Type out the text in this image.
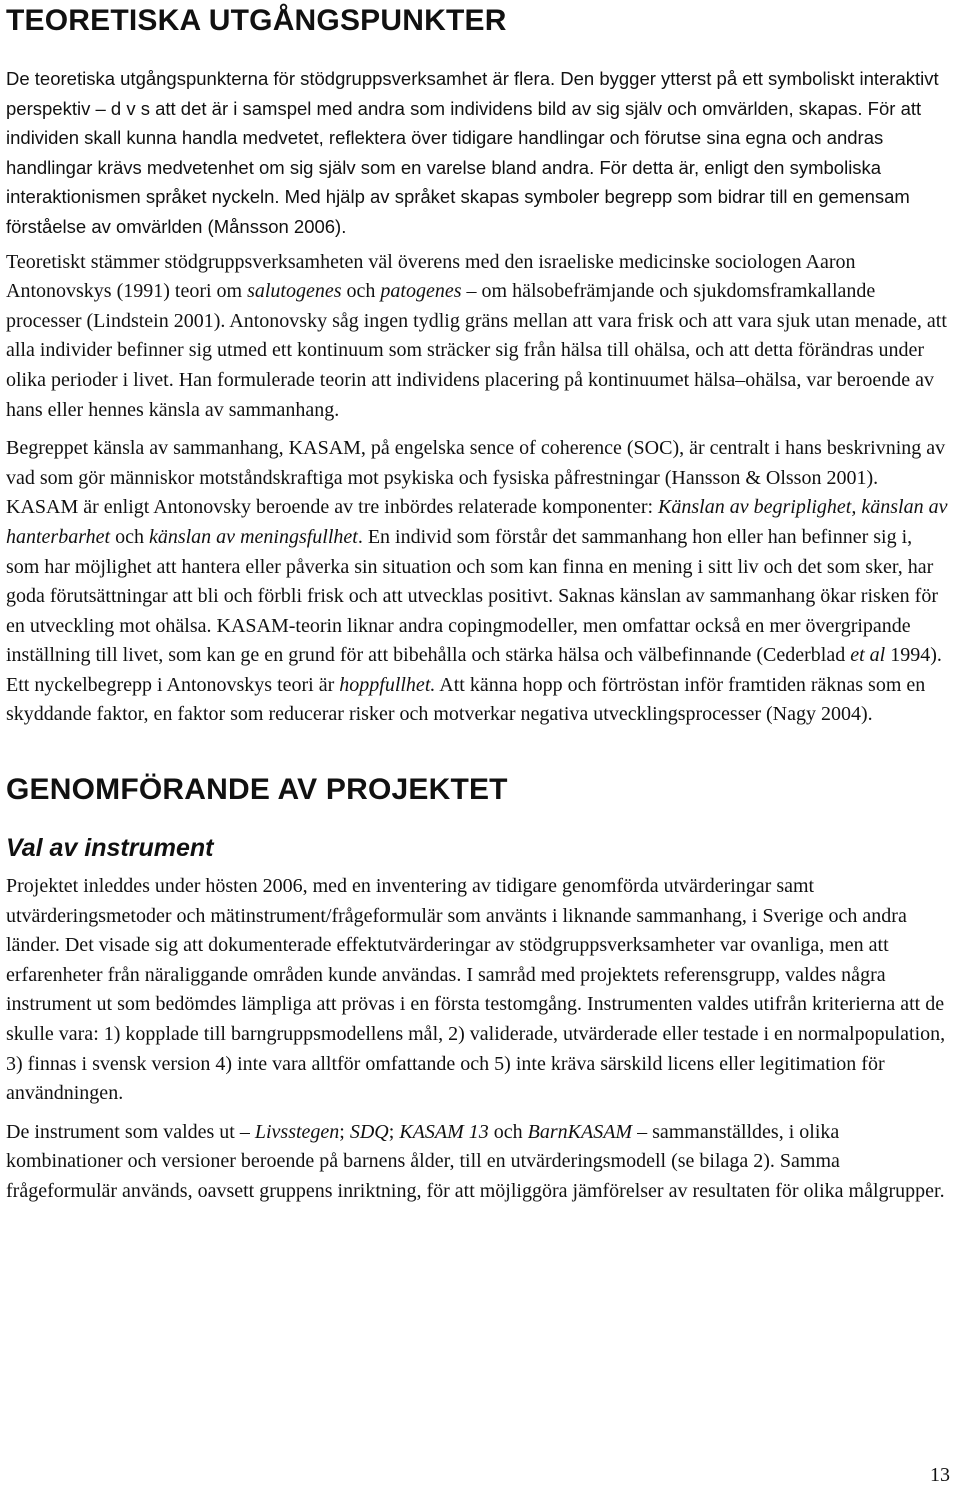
TEORETISKA UTGÅNGSPUNKTER

De teoretiska utgångspunkterna för stödgruppsverksamhet är flera. Den bygger ytterst på ett symboliskt interaktivt perspektiv – d v s att det är i samspel med andra som individens bild av sig själv och omvärlden, skapas. För att individen skall kunna handla medvetet, reflektera över tidigare handlingar och förutse sina egna och andras handlingar krävs medvetenhet om sig själv som en varelse bland andra. För detta är, enligt den symboliska interaktionismen språket nyckeln. Med hjälp av språket skapas symboler begrepp som bidrar till en gemensam förståelse av omvärlden (Månsson 2006).

Teoretiskt stämmer stödgruppsverksamheten väl överens med den israeliske medicinske sociologen Aaron Antonovskys (1991) teori om salutogenes och patogenes – om hälsobefrämjande och sjukdomsframkallande processer (Lindstein 2001). Antonovsky såg ingen tydlig gräns mellan att vara frisk och att vara sjuk utan menade, att alla individer befinner sig utmed ett kontinuum som sträcker sig från hälsa till ohälsa, och att detta förändras under olika perioder i livet. Han formulerade teorin att individens placering på kontinuumet hälsa–ohälsa, var beroende av hans eller hennes känsla av sammanhang.

Begreppet känsla av sammanhang, KASAM, på engelska sence of coherence (SOC), är centralt i hans beskrivning av vad som gör människor motståndskraftiga mot psykiska och fysiska påfrestningar (Hansson & Olsson 2001). KASAM är enligt Antonovsky beroende av tre inbördes relaterade komponenter: Känslan av begriplighet, känslan av hanterbarhet och känslan av meningsfullhet. En individ som förstår det sammanhang hon eller han befinner sig i, som har möjlighet att hantera eller påverka sin situation och som kan finna en mening i sitt liv och det som sker, har goda förutsättningar att bli och förbli frisk och att utvecklas positivt. Saknas känslan av sammanhang ökar risken för en utveckling mot ohälsa. KASAM-teorin liknar andra copingmodeller, men omfattar också en mer övergripande inställning till livet, som kan ge en grund för att bibehålla och stärka hälsa och välbefinnande (Cederblad et al 1994). Ett nyckelbegrepp i Antonovskys teori är hoppfullhet. Att känna hopp och förtröstan inför framtiden räknas som en skyddande faktor, en faktor som reducerar risker och motverkar negativa utvecklingsprocesser (Nagy 2004).

GENOMFÖRANDE AV PROJEKTET
Val av instrument

Projektet inleddes under hösten 2006, med en inventering av tidigare genomförda utvärderingar samt utvärderingsmetoder och mätinstrument/frågeformulär som använts i liknande sammanhang, i Sverige och andra länder. Det visade sig att dokumenterade effektutvärderingar av stödgruppsverksamheter var ovanliga, men att erfarenheter från näraliggande områden kunde användas. I samråd med projektets referensgrupp, valdes några instrument ut som bedömdes lämpliga att prövas i en första testomgång. Instrumenten valdes utifrån kriterierna att de skulle vara: 1) kopplade till barngruppsmodellens mål, 2) validerade, utvärderade eller testade i en normalpopulation, 3) finnas i svensk version 4) inte vara alltför omfattande och 5) inte kräva särskild licens eller legitimation för användningen.

De instrument som valdes ut – Livsstegen; SDQ; KASAM 13 och BarnKASAM – sammanställdes, i olika kombinationer och versioner beroende på barnens ålder, till en utvärderingsmodell (se bilaga 2). Samma frågeformulär används, oavsett gruppens inriktning, för att möjliggöra jämförelser av resultaten för olika målgrupper.

13
